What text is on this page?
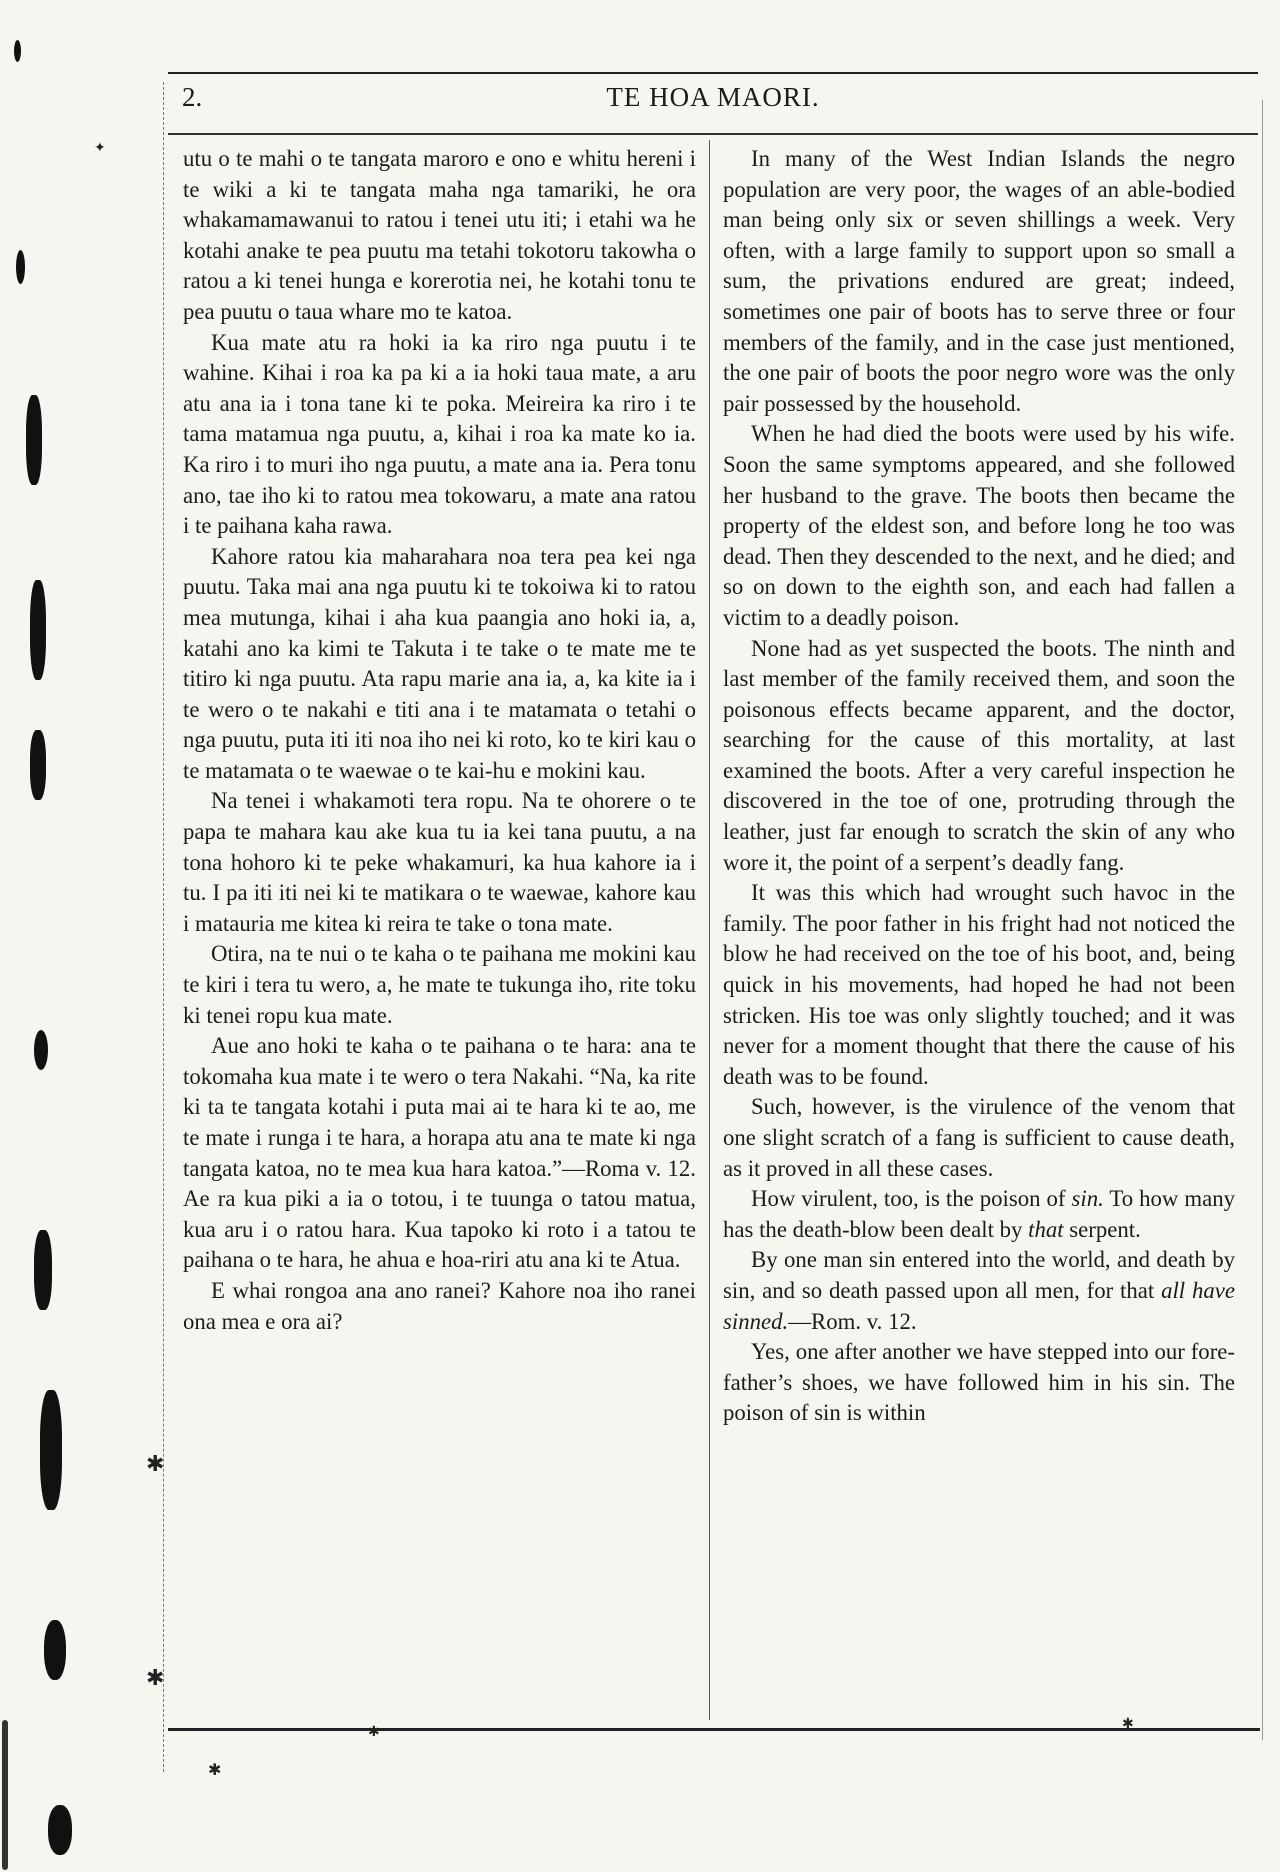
2.	TE HOA MAORI.

utu o te mahi o te tangata maroro e ono e whitu hereni i te wiki a ki te tangata maha nga tamariki, he ora whakamamawanui to ratou i tenei utu iti; i etahi wa he kotahi anake te pea puutu ma tetahi tokotoru takowha o ratou a ki tenei hunga e korerotia nei, he kotahi tonu te pea puutu o taua whare mo te katoa.

Kua mate atu ra hoki ia ka riro nga puutu i te wahine. Kihai i roa ka pa ki a ia hoki taua mate, a aru atu ana ia i tona tane ki te poka. Meireira ka riro i te tama matamua nga puutu, a, kihai i roa ka mate ko ia. Ka riro i to muri iho nga puutu, a mate ana ia. Pera tonu ano, tae iho ki to ratou mea tokowaru, a mate ana ratou i te paihana kaha rawa.

Kahore ratou kia maharahara noa tera pea kei nga puutu. Taka mai ana nga puutu ki te tokoiwa ki to ratou mea mutunga, kihai i aha kua paangia ano hoki ia, a, katahi ano ka kimi te Takuta i te take o te mate me te titiro ki nga puutu. Ata rapu marie ana ia, a, ka kite ia i te wero o te nakahi e titi ana i te matamata o tetahi o nga puutu, puta iti iti noa iho nei ki roto, ko te kiri kau o te matamata o te waewae o te kai-hu e mokini kau.

Na tenei i whakamoti tera ropu. Na te ohorere o te papa te mahara kau ake kua tu ia kei tana puutu, a na tona hohoro ki te peke whakamuri, ka hua kahore ia i tu. I pa iti iti nei ki te matikara o te waewae, kahore kau i matauria me kitea ki reira te take o tona mate.

Otira, na te nui o te kaha o te paihana me mokini kau te kiri i tera tu wero, a, he mate te tukunga iho, rite toku ki tenei ropu kua mate.

Aue ano hoki te kaha o te paihana o te hara: ana te tokomaha kua mate i te wero o tera Nakahi. “Na, ka rite ki ta te tangata kotahi i puta mai ai te hara ki te ao, me te mate i runga i te hara, a horapa atu ana te mate ki nga tangata katoa, no te mea kua hara katoa.”—Roma v. 12. Ae ra kua piki a ia o totou, i te tuunga o tatou matua, kua aru i o ratou hara. Kua tapoko ki roto i a tatou te paihana o te hara, he ahua e hoa-riri atu ana ki te Atua.

E whai rongoa ana ano ranei? Kahore noa iho ranei ona mea e ora ai?

In many of the West Indian Islands the negro population are very poor, the wages of an able-bodied man being only six or seven shillings a week. Very often, with a large family to support upon so small a sum, the privations endured are great; indeed, sometimes one pair of boots has to serve three or four members of the family, and in the case just mentioned, the one pair of boots the poor negro wore was the only pair possessed by the household.

When he had died the boots were used by his wife. Soon the same symptoms appeared, and she followed her husband to the grave. The boots then became the property of the eldest son, and before long he too was dead. Then they descended to the next, and he died; and so on down to the eighth son, and each had fallen a victim to a deadly poison.

None had as yet suspected the boots. The ninth and last member of the family received them, and soon the poisonous effects became apparent, and the doctor, searching for the cause of this mortality, at last examined the boots. After a very careful inspection he discovered in the toe of one, protruding through the leather, just far enough to scratch the skin of any who wore it, the point of a serpent’s deadly fang.

It was this which had wrought such havoc in the family. The poor father in his fright had not noticed the blow he had received on the toe of his boot, and, being quick in his movements, had hoped he had not been stricken. His toe was only slightly touched; and it was never for a moment thought that there the cause of his death was to be found.

Such, however, is the virulence of the venom that one slight scratch of a fang is sufficient to cause death, as it proved in all these cases.

How virulent, too, is the poison of sin. To how many has the death-blow been dealt by that serpent.

By one man sin entered into the world, and death by sin, and so death passed upon all men, for that all have sinned.—Rom. v. 12.

Yes, one after another we have stepped into our fore-father’s shoes, we have followed him in his sin. The poison of sin is within

✦
✱
✱
✱
✱	✱
